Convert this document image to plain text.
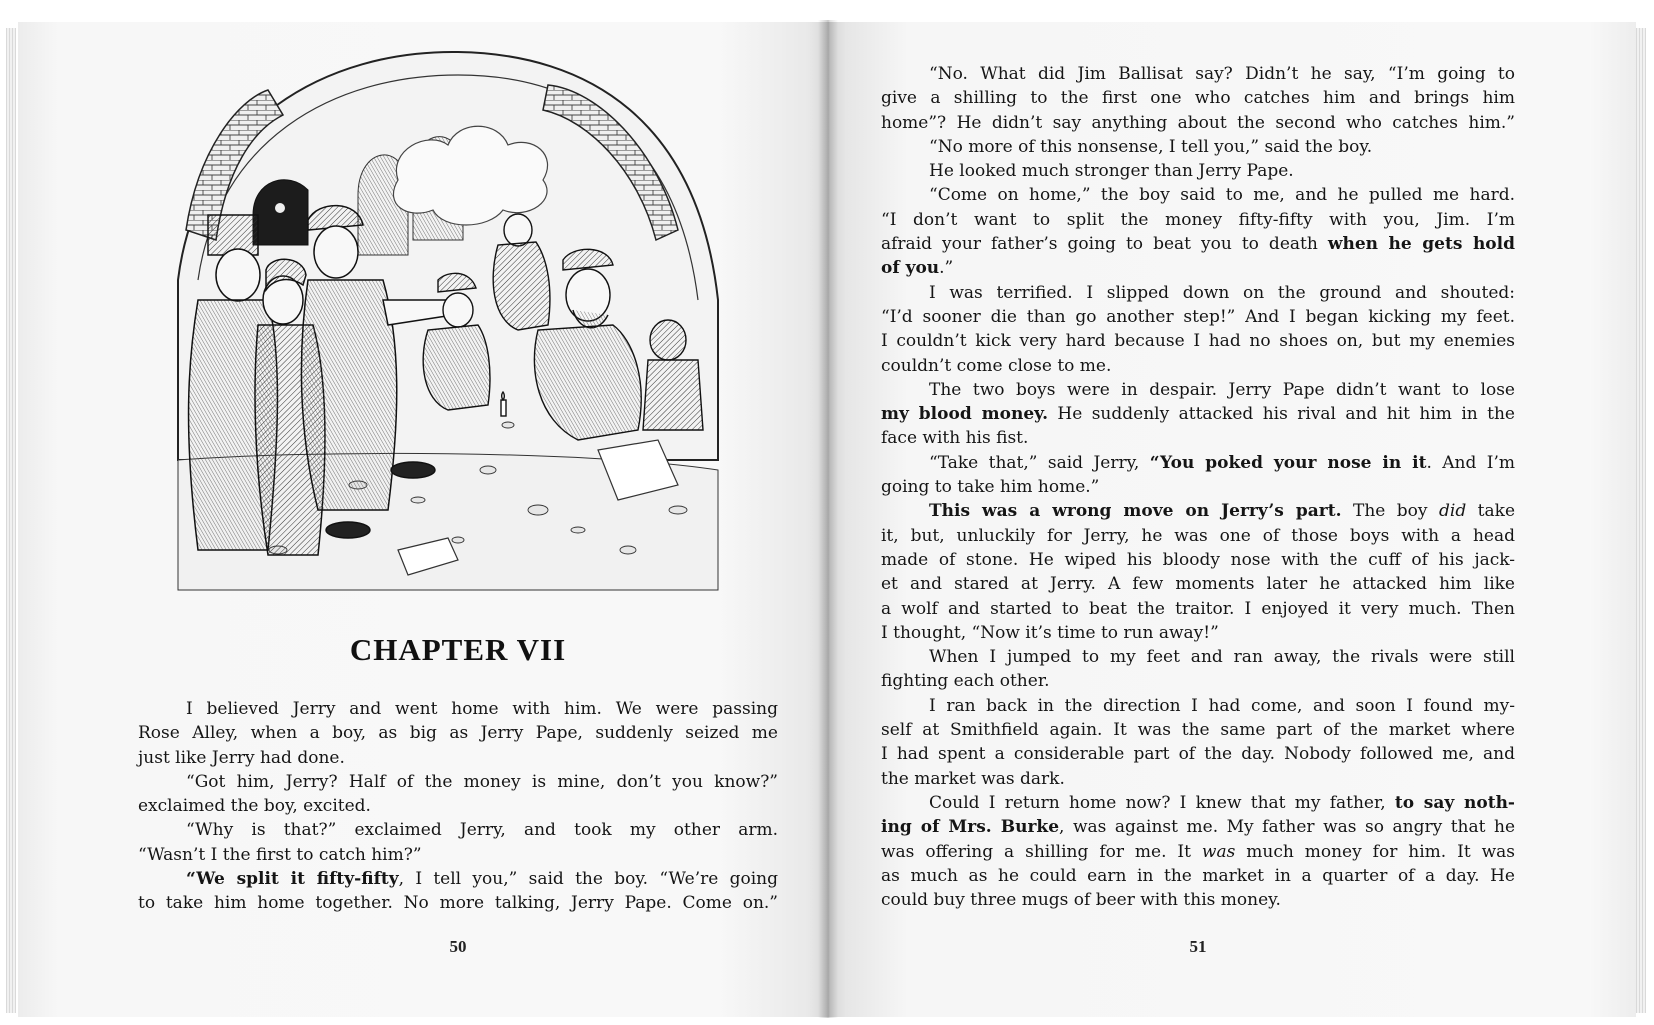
CHAPTER VII
I believed Jerry and went home with him. We were passing
Rose Alley, when a boy, as big as Jerry Pape, suddenly seized me
just like Jerry had done.
“Got him, Jerry? Half of the money is mine, don’t you know?”
exclaimed the boy, excited.
“Why is that?” exclaimed Jerry, and took my other arm.
“Wasn’t I the first to catch him?”
“We split it fifty-fifty, I tell you,” said the boy. “We’re going
to take him home together. No more talking, Jerry Pape. Come on.”
“No. What did Jim Ballisat say? Didn’t he say, “I’m going to
give a shilling to the first one who catches him and brings him
home”? He didn’t say anything about the second who catches him.”
“No more of this nonsense, I tell you,” said the boy.
He looked much stronger than Jerry Pape.
“Come on home,” the boy said to me, and he pulled me hard.
“I don’t want to split the money fifty-fifty with you, Jim. I’m
afraid your father’s going to beat you to death when he gets hold
of you.”
I was terrified. I slipped down on the ground and shouted:
“I’d sooner die than go another step!” And I began kicking my feet.
I couldn’t kick very hard because I had no shoes on, but my enemies
couldn’t come close to me.
The two boys were in despair. Jerry Pape didn’t want to lose
my blood money. He suddenly attacked his rival and hit him in the
face with his fist.
“Take that,” said Jerry, “You poked your nose in it. And I’m
going to take him home.”
This was a wrong move on Jerry’s part. The boy did take
it, but, unluckily for Jerry, he was one of those boys with a head
made of stone. He wiped his bloody nose with the cuff of his jack-
et and stared at Jerry. A few moments later he attacked him like
a wolf and started to beat the traitor. I enjoyed it very much. Then
I thought, “Now it’s time to run away!”
When I jumped to my feet and ran away, the rivals were still
fighting each other.
I ran back in the direction I had come, and soon I found my-
self at Smithfield again. It was the same part of the market where
I had spent a considerable part of the day. Nobody followed me, and
the market was dark.
Could I return home now? I knew that my father, to say noth-
ing of Mrs. Burke, was against me. My father was so angry that he
was offering a shilling for me. It was much money for him. It was
as much as he could earn in the market in a quarter of a day. He
could buy three mugs of beer with this money.
50	51
